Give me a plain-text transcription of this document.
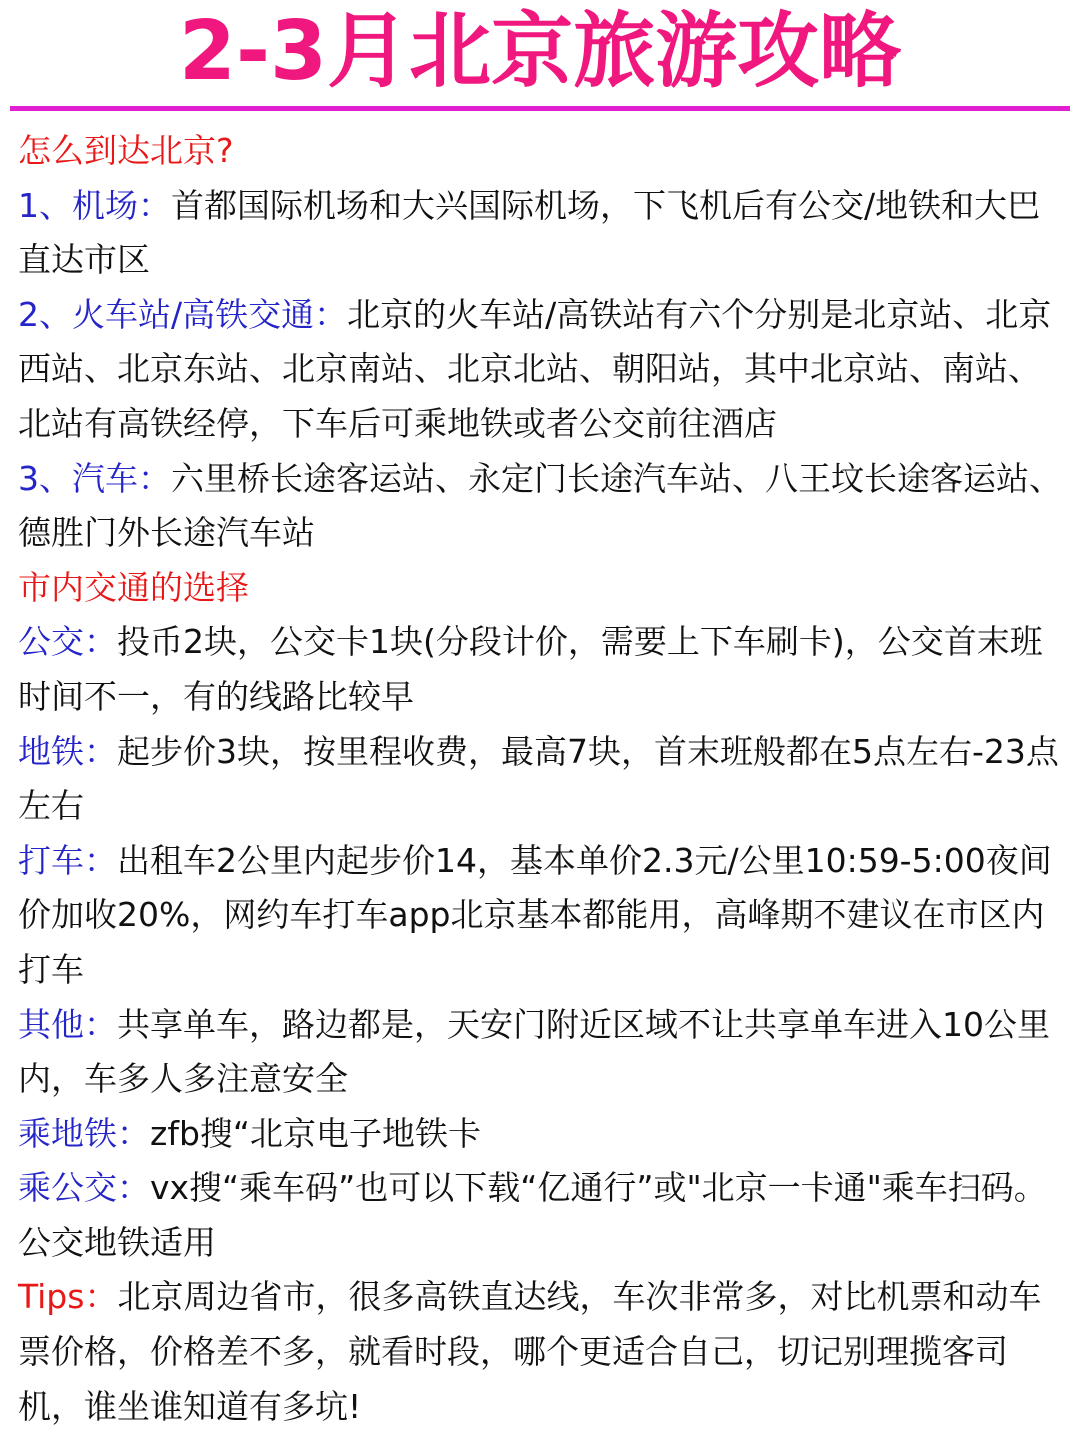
2-3月北京旅游攻略

怎么到达北京?

1、机场：首都国际机场和大兴国际机场，下飞机后有公交/地铁和大巴直达市区

2、火车站/高铁交通：北京的火车站/高铁站有六个分别是北京站、北京西站、北京东站、北京南站、北京北站、朝阳站，其中北京站、南站、北站有高铁经停，下车后可乘地铁或者公交前往酒店

3、汽车：六里桥长途客运站、永定门长途汽车站、八王坟长途客运站、德胜门外长途汽车站

市内交通的选择

公交：投币2块，公交卡1块(分段计价，需要上下车刷卡)，公交首末班时间不一，有的线路比较早

地铁：起步价3块，按里程收费，最高7块，首末班般都在5点左右-23点左右

打车：出租车2公里内起步价14，基本单价2.3元/公里10:59-5:00夜间价加收20%，网约车打车app北京基本都能用，高峰期不建议在市区内打车

其他：共享单车，路边都是，天安门附近区域不让共享单车进入10公里内，车多人多注意安全

乘地铁：zfb搜“北京电子地铁卡

乘公交：vx搜“乘车码”也可以下载“亿通行”或"北京一卡通"乘车扫码。公交地铁适用

Tips：北京周边省市，很多高铁直达线，车次非常多，对比机票和动车票价格，价格差不多，就看时段，哪个更适合自己，切记别理揽客司机，谁坐谁知道有多坑!
